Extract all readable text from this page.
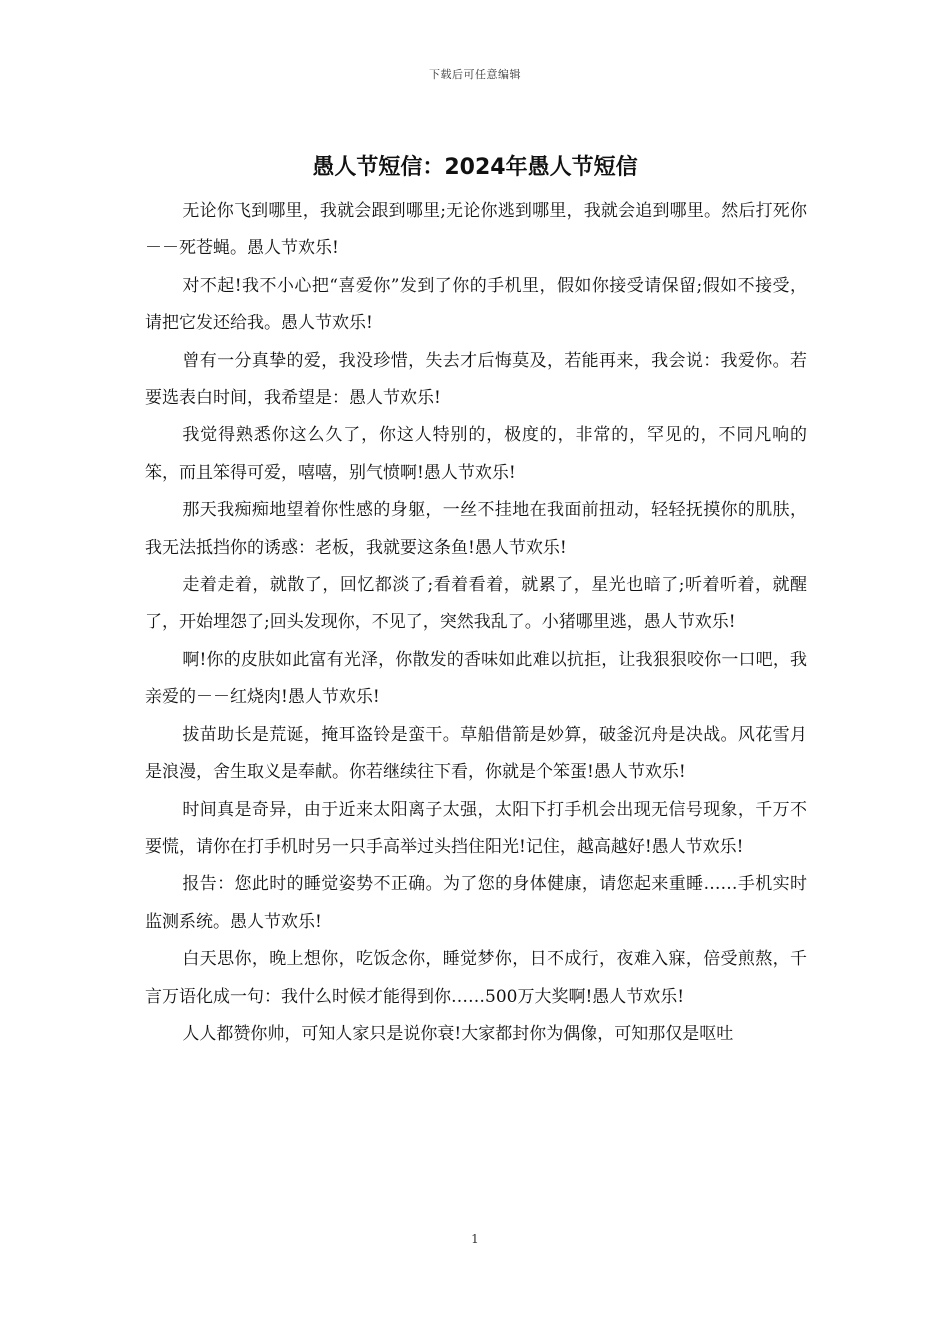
下载后可任意编辑
愚人节短信：2024年愚人节短信

无论你飞到哪里，我就会跟到哪里;无论你逃到哪里，我就会追到哪里。然后打死你－－死苍蝇。愚人节欢乐!

对不起!我不小心把“喜爱你”发到了你的手机里，假如你接受请保留;假如不接受，请把它发还给我。愚人节欢乐!

曾有一分真挚的爱，我没珍惜，失去才后悔莫及，若能再来，我会说：我爱你。若要选表白时间，我希望是：愚人节欢乐!

我觉得熟悉你这么久了，你这人特别的，极度的，非常的，罕见的，不同凡响的笨，而且笨得可爱，嘻嘻，别气愤啊!愚人节欢乐!

那天我痴痴地望着你性感的身躯，一丝不挂地在我面前扭动，轻轻抚摸你的肌肤，我无法抵挡你的诱惑：老板，我就要这条鱼!愚人节欢乐!

走着走着，就散了，回忆都淡了;看着看着，就累了，星光也暗了;听着听着，就醒了，开始埋怨了;回头发现你，不见了，突然我乱了。小猪哪里逃，愚人节欢乐!

啊!你的皮肤如此富有光泽，你散发的香味如此难以抗拒，让我狠狠咬你一口吧，我亲爱的－－红烧肉!愚人节欢乐!

拔苗助长是荒诞，掩耳盗铃是蛮干。草船借箭是妙算，破釜沉舟是决战。风花雪月是浪漫，舍生取义是奉献。你若继续往下看，你就是个笨蛋!愚人节欢乐!

时间真是奇异，由于近来太阳离子太强，太阳下打手机会出现无信号现象，千万不要慌，请你在打手机时另一只手高举过头挡住阳光!记住，越高越好!愚人节欢乐!

报告：您此时的睡觉姿势不正确。为了您的身体健康，请您起来重睡……手机实时监测系统。愚人节欢乐!

白天思你，晚上想你，吃饭念你，睡觉梦你，日不成行，夜难入寐，倍受煎熬，千言万语化成一句：我什么时候才能得到你……500万大奖啊!愚人节欢乐!

人人都赞你帅，可知人家只是说你衰!大家都封你为偶像，可知那仅是呕吐

1
